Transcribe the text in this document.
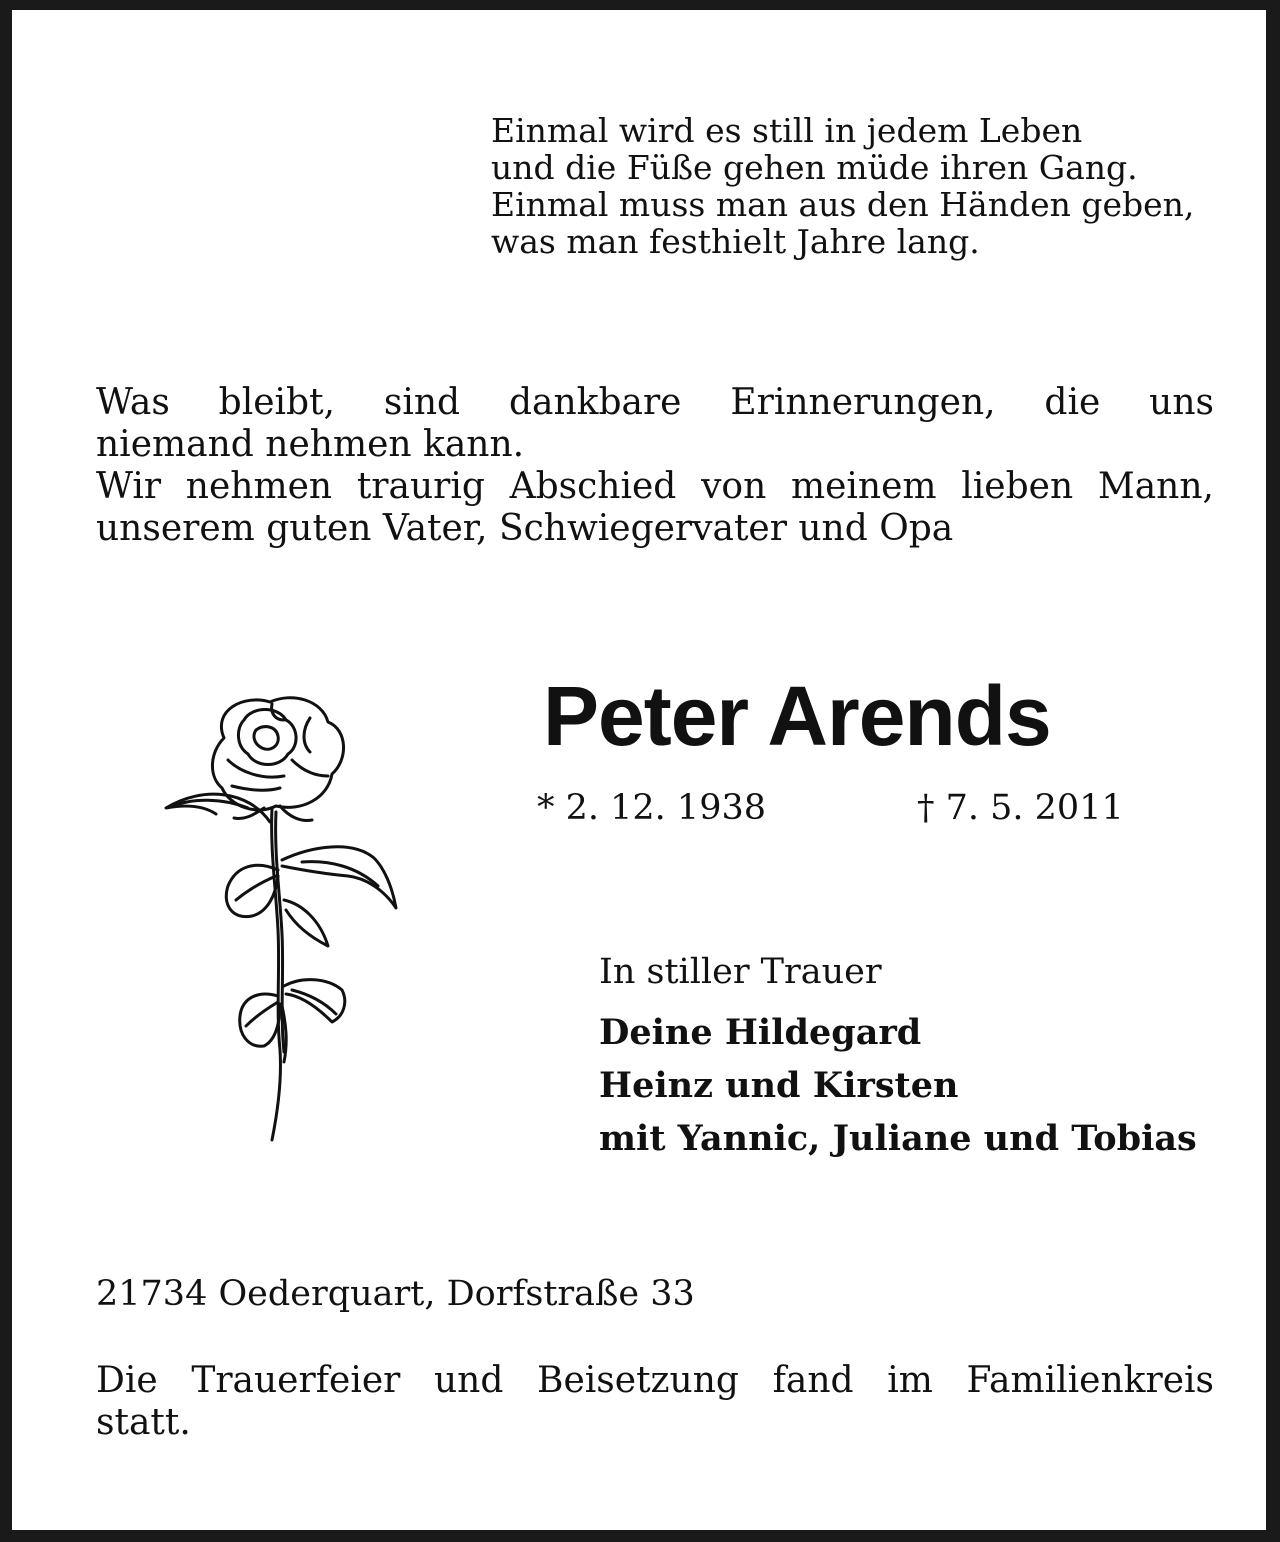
Einmal wird es still in jedem Leben
und die Füße gehen müde ihren Gang.
Einmal muss man aus den Händen geben,
was man festhielt Jahre lang.
Was bleibt, sind dankbare Erinnerungen, die uns
niemand nehmen kann.
Wir nehmen traurig Abschied von meinem lieben Mann,
unserem guten Vater, Schwiegervater und Opa
Peter Arends
* 2. 12. 1938	† 7. 5. 2011
In stiller Trauer
Deine Hildegard
Heinz und Kirsten
mit Yannic, Juliane und Tobias
21734 Oederquart, Dorfstraße 33
Die Trauerfeier und Beisetzung fand im Familienkreis
statt.
